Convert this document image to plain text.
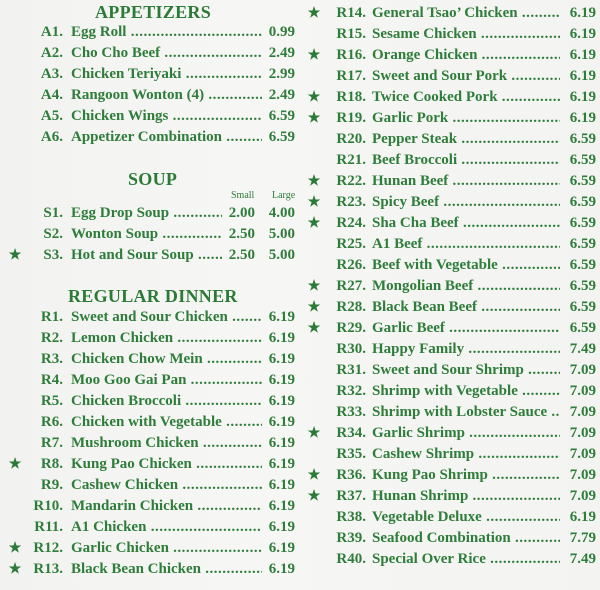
APPETIZERS
A1. Egg Roll .....	0.99
A2. Cho Cho Beef .....	2.49
A3. Chicken Teriyaki .....	2.99
A4. Rangoon Wonton (4) .....	2.49
A5. Chicken Wings .....	6.59
A6. Appetizer Combination .....	6.59
SOUP
Small Large
S1. Egg Drop Soup .....	2.00 4.00
S2. Wonton Soup .....	2.50 5.00
★ S3. Hot and Sour Soup .....	2.50 5.00
REGULAR DINNER
R1. Sweet and Sour Chicken .....	6.19
R2. Lemon Chicken .....	6.19
R3. Chicken Chow Mein .....	6.19
R4. Moo Goo Gai Pan .....	6.19
R5. Chicken Broccoli .....	6.19
R6. Chicken with Vegetable .....	6.19
R7. Mushroom Chicken .....	6.19
★ R8. Kung Pao Chicken .....	6.19
R9. Cashew Chicken .....	6.19
R10. Mandarin Chicken .....	6.19
R11. A1 Chicken .....	6.19
★ R12. Garlic Chicken .....	6.19
★ R13. Black Bean Chicken .....	6.19
★ R14. General Tsao’ Chicken .....	6.19
R15. Sesame Chicken .....	6.19
★ R16. Orange Chicken .....	6.19
R17. Sweet and Sour Pork .....	6.19
★ R18. Twice Cooked Pork .....	6.19
★ R19. Garlic Pork .....	6.19
R20. Pepper Steak .....	6.59
R21. Beef Broccoli .....	6.59
★ R22. Hunan Beef .....	6.59
★ R23. Spicy Beef .....	6.59
★ R24. Sha Cha Beef .....	6.59
R25. A1 Beef .....	6.59
R26. Beef with Vegetable .....	6.59
★ R27. Mongolian Beef .....	6.59
★ R28. Black Bean Beef .....	6.59
★ R29. Garlic Beef .....	6.59
R30. Happy Family .....	7.49
R31. Sweet and Sour Shrimp .....	7.09
R32. Shrimp with Vegetable .....	7.09
R33. Shrimp with Lobster Sauce .....	7.09
★ R34. Garlic Shrimp .....	7.09
R35. Cashew Shrimp .....	7.09
★ R36. Kung Pao Shrimp .....	7.09
★ R37. Hunan Shrimp .....	7.09
R38. Vegetable Deluxe .....	6.19
R39. Seafood Combination .....	7.79
R40. Special Over Rice .....	7.49
